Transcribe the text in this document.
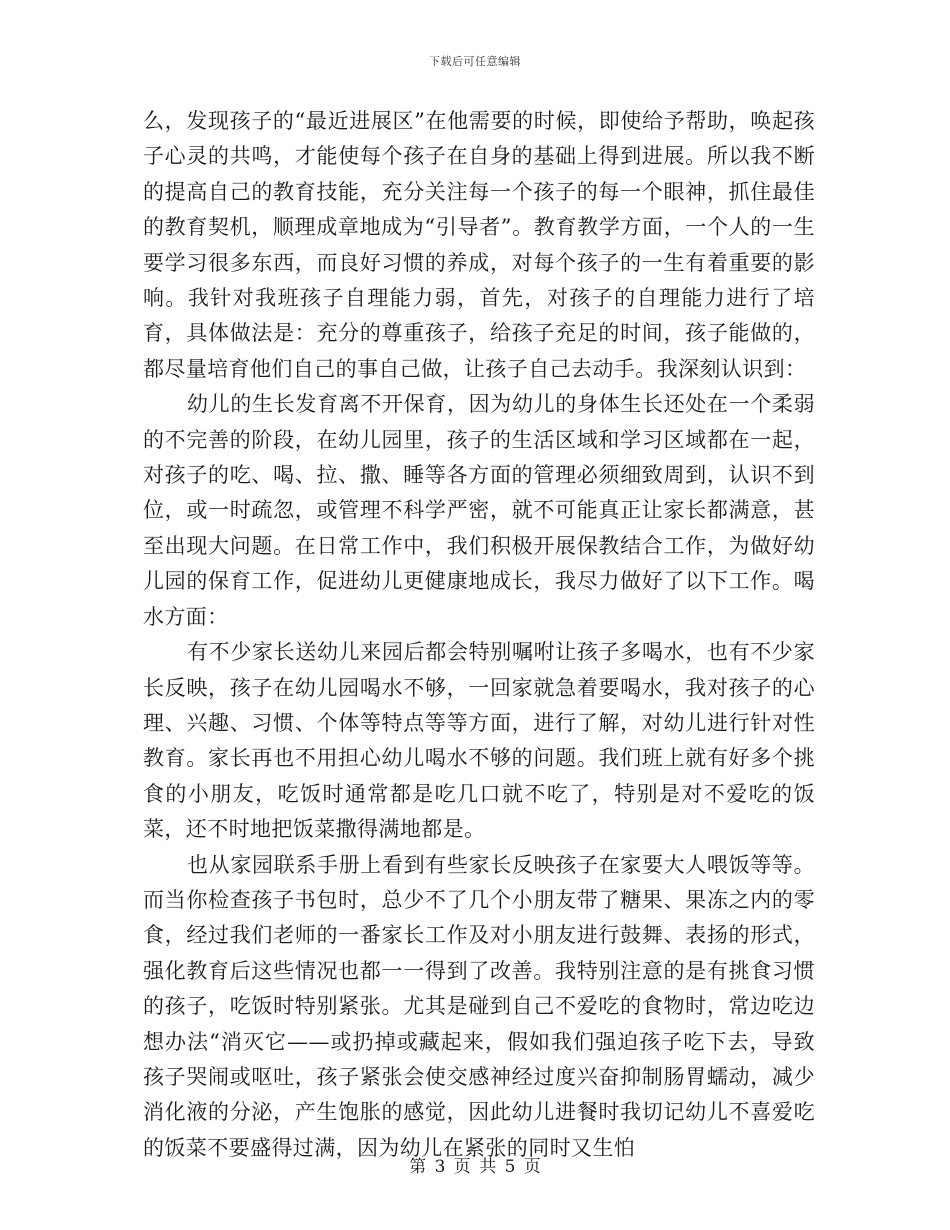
下载后可任意编辑

么，发现孩子的“最近进展区”在他需要的时候，即使给予帮助，唤起孩子心灵的共鸣，才能使每个孩子在自身的基础上得到进展。所以我不断的提高自己的教育技能，充分关注每一个孩子的每一个眼神，抓住最佳的教育契机，顺理成章地成为“引导者”。教育教学方面，一个人的一生要学习很多东西，而良好习惯的养成，对每个孩子的一生有着重要的影响。我针对我班孩子自理能力弱，首先，对孩子的自理能力进行了培育，具体做法是：充分的尊重孩子，给孩子充足的时间，孩子能做的，都尽量培育他们自己的事自己做，让孩子自己去动手。我深刻认识到：

幼儿的生长发育离不开保育，因为幼儿的身体生长还处在一个柔弱的不完善的阶段，在幼儿园里，孩子的生活区域和学习区域都在一起，对孩子的吃、喝、拉、撒、睡等各方面的管理必须细致周到，认识不到位，或一时疏忽，或管理不科学严密，就不可能真正让家长都满意，甚至出现大问题。在日常工作中，我们积极开展保教结合工作，为做好幼儿园的保育工作，促进幼儿更健康地成长，我尽力做好了以下工作。喝水方面：

有不少家长送幼儿来园后都会特别嘱咐让孩子多喝水，也有不少家长反映，孩子在幼儿园喝水不够，一回家就急着要喝水，我对孩子的心理、兴趣、习惯、个体等特点等等方面，进行了解，对幼儿进行针对性教育。家长再也不用担心幼儿喝水不够的问题。我们班上就有好多个挑食的小朋友，吃饭时通常都是吃几口就不吃了，特别是对不爱吃的饭菜，还不时地把饭菜撒得满地都是。

也从家园联系手册上看到有些家长反映孩子在家要大人喂饭等等。而当你检查孩子书包时，总少不了几个小朋友带了糖果、果冻之内的零食，经过我们老师的一番家长工作及对小朋友进行鼓舞、表扬的形式，强化教育后这些情况也都一一得到了改善。我特别注意的是有挑食习惯的孩子，吃饭时特别紧张。尤其是碰到自己不爱吃的食物时，常边吃边想办法“消灭它——或扔掉或藏起来，假如我们强迫孩子吃下去，导致孩子哭闹或呕吐，孩子紧张会使交感神经过度兴奋抑制肠胃蠕动，减少消化液的分泌，产生饱胀的感觉，因此幼儿进餐时我切记幼儿不喜爱吃的饭菜不要盛得过满，因为幼儿在紧张的同时又生怕

第 3 页 共 5 页
